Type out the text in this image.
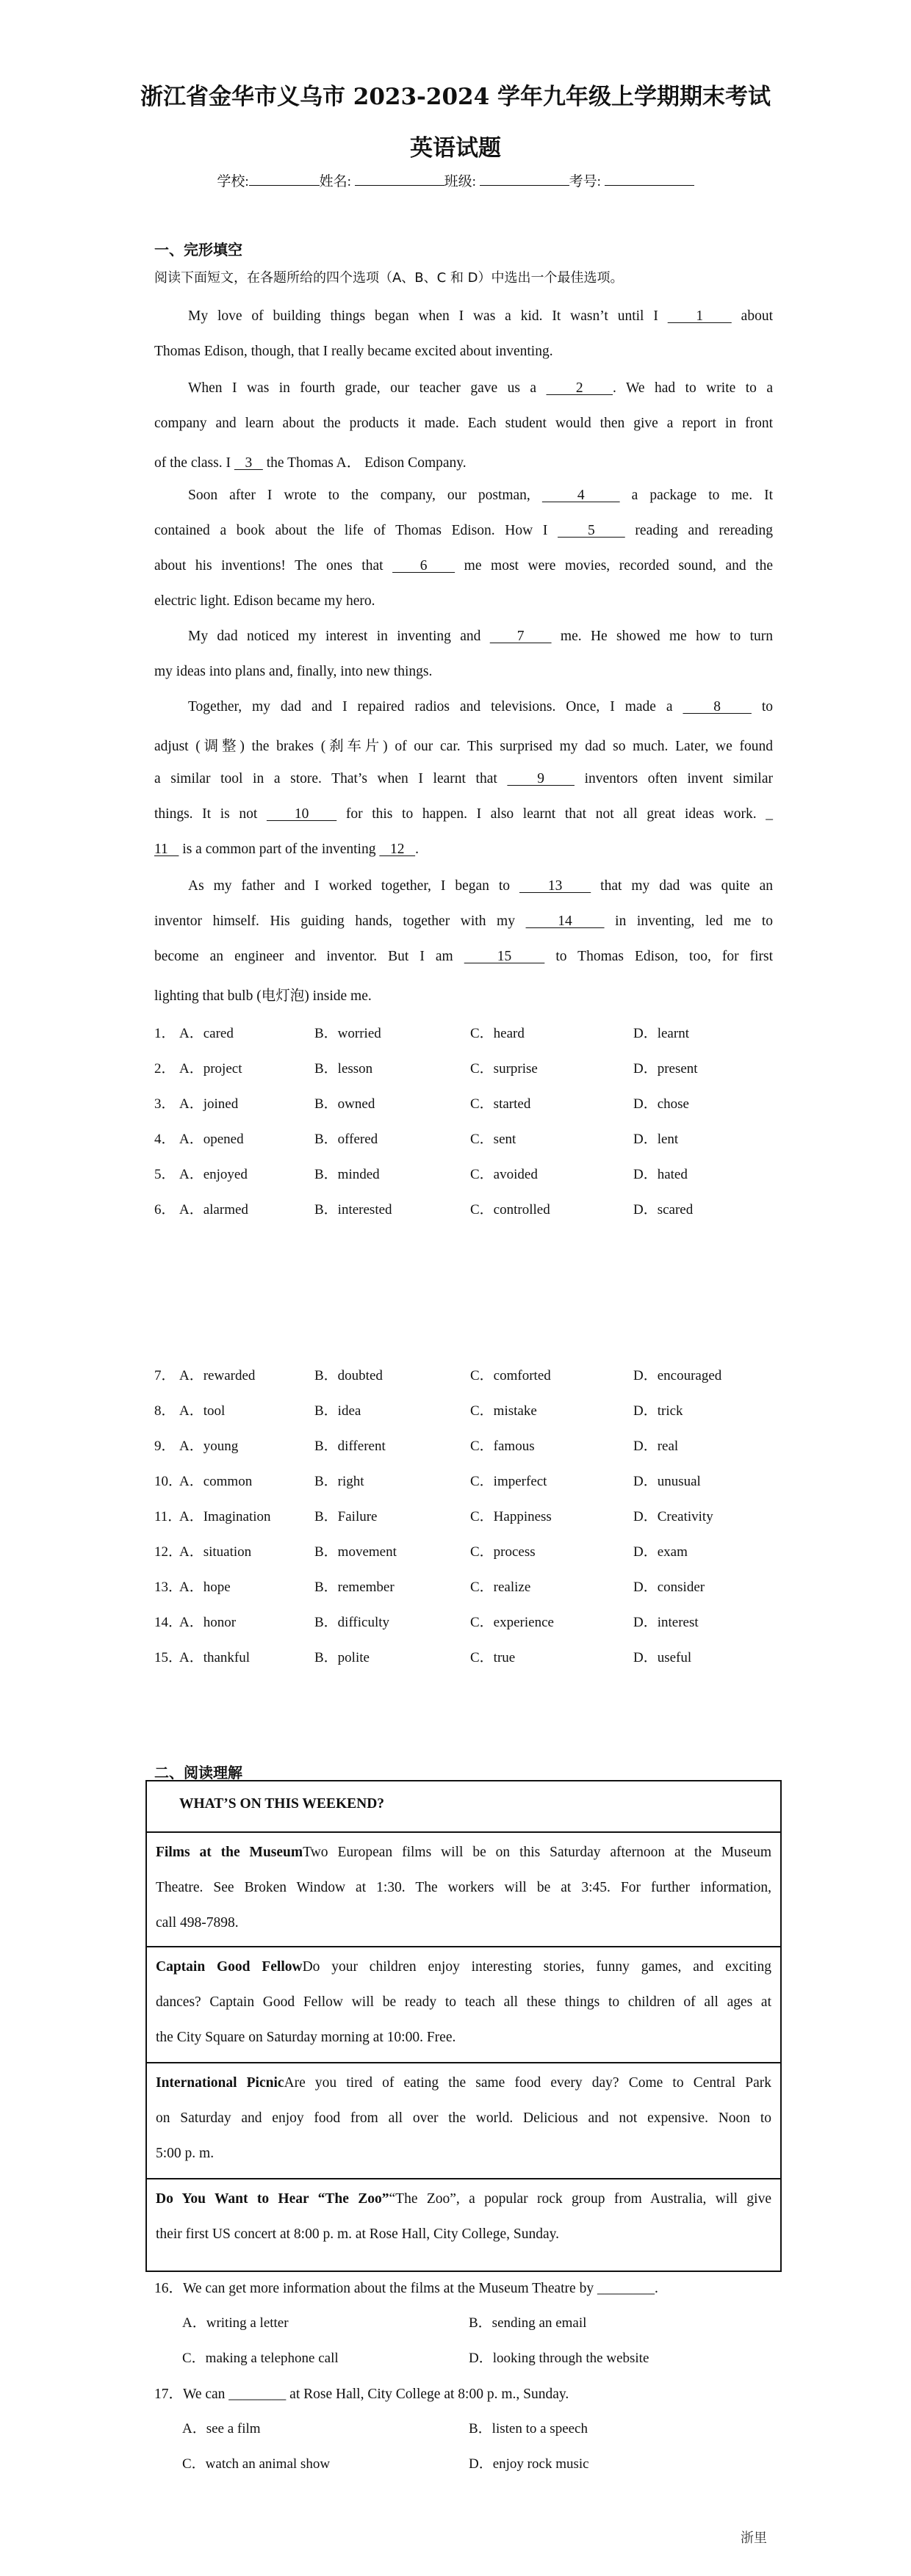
浙江省金华市义乌市 2023-2024 学年九年级上学期期末考试
英语试题
学校:	姓名:	班级:	考号:
一、完形填空
阅读下面短文，在各题所给的四个选项（A、B、C 和 D）中选出一个最佳选项。
My love of building things began when I was a kid. It wasn’t until I    1    about
Thomas Edison, though, that I really became excited about inventing.
When I was in fourth grade, our teacher gave us a    2   . We had to write to a
company and learn about the products it made. Each student would then give a report in front
of the class. I    3    the Thomas A． Edison Company.
Soon after I wrote to the company, our postman,    4    a package to me. It
contained a book about the life of Thomas Edison. How I    5    reading and rereading
about his inventions! The ones that    6    me most were movies, recorded sound, and the
electric light. Edison became my hero.
My dad noticed my interest in inventing and    7    me. He showed me how to turn
my ideas into plans and, finally, into new things.
Together, my dad and I repaired radios and televisions. Once, I made a    8    to
adjust (调整) the brakes (刹车片) of our car. This surprised my dad so much. Later, we found
a similar tool in a store. That’s when I learnt that    9    inventors often invent similar
things. It is not    10    for this to happen. I also learnt that not all great ideas work. _
11    is a common part of the inventing    12   .
As my father and I worked together, I began to    13    that my dad was quite an
inventor himself. His guiding hands, together with my    14    in inventing, led me to
become an engineer and inventor. But I am    15    to Thomas Edison, too, for first
lighting that bulb (电灯泡) inside me.
1． A．cared	B．worried	C．heard	D．learnt
2． A．project	B．lesson	C．surprise	D．present
3． A．joined	B．owned	C．started	D．chose
4． A．opened	B．offered	C．sent	D．lent
5． A．enjoyed	B．minded	C．avoided	D．hated
6． A．alarmed	B．interested	C．controlled	D．scared
7． A．rewarded	B．doubted	C．comforted	D．encouraged
8． A．tool	B．idea	C．mistake	D．trick
9． A．young	B．different	C．famous	D．real
10．
A．common	B．right	C．imperfect	D．unusual
11．
A．Imagination	B．Failure	C．Happiness	D．Creativity
12．
A．situation	B．movement	C．process	D．exam
13．
A．hope	B．remember	C．realize	D．consider
14．
A．honor	B．difficulty	C．experience	D．interest
15．
A．thankful	B．polite	C．true	D．useful
二、阅读理解
WHAT’S ON THIS WEEKEND?
Films at the MuseumTwo European films will be on this Saturday afternoon at the Museum
Theatre. See Broken Window at 1:30. The workers will be at 3:45. For further information,
call 498-7898.
Captain Good FellowDo your children enjoy interesting stories, funny games, and exciting
dances? Captain Good Fellow will be ready to teach all these things to children of all ages at
the City Square on Saturday morning at 10:00. Free.
International PicnicAre you tired of eating the same food every day? Come to Central Park
on Saturday and enjoy food from all over the world. Delicious and not expensive. Noon to
5:00 p. m.
Do You Want to Hear “The Zoo”“The Zoo”, a popular rock group from Australia, will give
their first US concert at 8:00 p. m. at Rose Hall, City College, Sunday.
16．We can get more information about the films at the Museum Theatre by ________.
A．writing a letter	B．sending an email
C．making a telephone call	D．looking through the website
17．We can ________ at Rose Hall, City College at 8:00 p. m., Sunday.
A．see a film	B．listen to a speech
C．watch an animal show	D．enjoy rock music
浙里
